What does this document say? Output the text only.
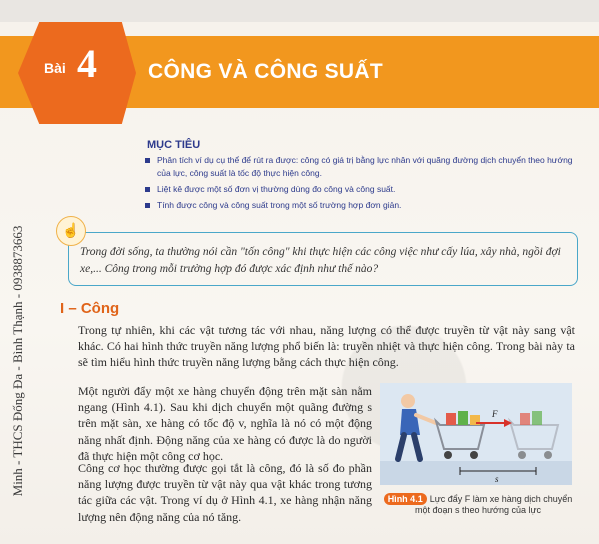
Bài 4 CÔNG VÀ CÔNG SUẤT
Minh - THCS Đống Đa - Bình Thạnh - 0938873663
MỤC TIÊU
Phân tích ví dụ cụ thể để rút ra được: công có giá trị bằng lực nhân với quãng đường dịch chuyển theo hướng của lực, công suất là tốc độ thực hiện công.
Liệt kê được một số đơn vị thường dùng đo công và công suất.
Tính được công và công suất trong một số trường hợp đơn giản.
☝
Trong đời sống, ta thường nói cần "tốn công" khi thực hiện các công việc như cấy lúa, xây nhà, ngồi đợi xe,... Công trong mỗi trường hợp đó được xác định như thế nào?
I – Công
Trong tự nhiên, khi các vật tương tác với nhau, năng lượng có thể được truyền từ vật này sang vật khác. Có hai hình thức truyền năng lượng phổ biến là: truyền nhiệt và thực hiện công. Trong bài này ta sẽ tìm hiểu hình thức truyền năng lượng bằng cách thực hiện công.
Một người đẩy một xe hàng chuyển động trên mặt sàn nằm ngang (Hình 4.1). Sau khi dịch chuyển một quãng đường s trên mặt sàn, xe hàng có tốc độ v, nghĩa là nó có một động năng nhất định. Động năng của xe hàng có được là do người đã thực hiện một công cơ học.
Công cơ học thường được gọi tắt là công, đó là số đo phần năng lượng được truyền từ vật này qua vật khác trong tương tác giữa các vật. Trong ví dụ ở Hình 4.1, xe hàng nhận năng lượng nên động năng của nó tăng.
F
s
Hình 4.1 Lực đẩy F làm xe hàng dịch chuyển một đoạn s theo hướng của lực
